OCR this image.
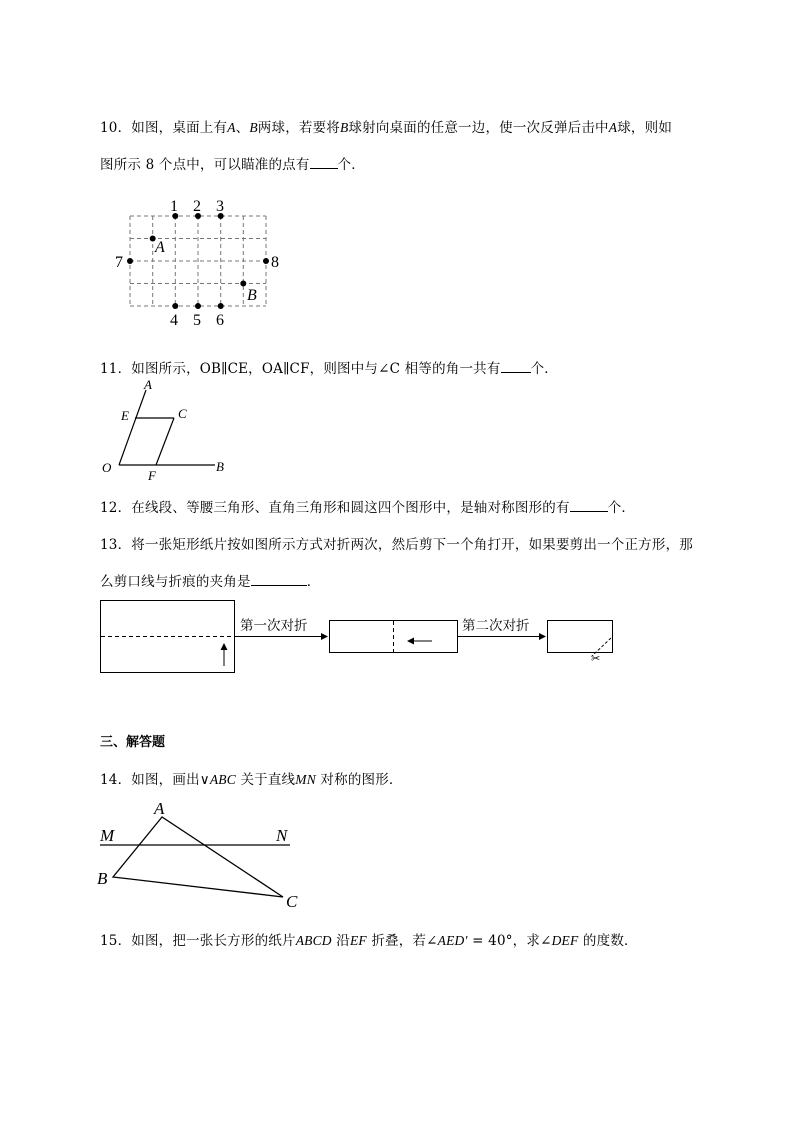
10．如图，桌面上有A、B两球，若要将B球射向桌面的任意一边，使一次反弹后击中A球，则如
图所示 8 个点中，可以瞄准的点有 个．
1 2 3
4 5 6
7	8
A
B
11．如图所示，OB∥CE，OA∥CF，则图中与∠C 相等的角一共有 个．
A
E	C
O
F
B
12．在线段、等腰三角形、直角三角形和圆这四个图形中，是轴对称图形的有	个．
13．将一张矩形纸片按如图所示方式对折两次，然后剪下一个角打开，如果要剪出一个正方形，那
么剪口线与折痕的夹角是	．
✂
第一次对折	第二次对折
三、解答题
14．如图，画出∨ABC 关于直线MN 对称的图形．
A
M	N
B
C
15．如图，把一张长方形的纸片ABCD 沿EF 折叠，若∠AED′ = 40°，求∠DEF 的度数．
